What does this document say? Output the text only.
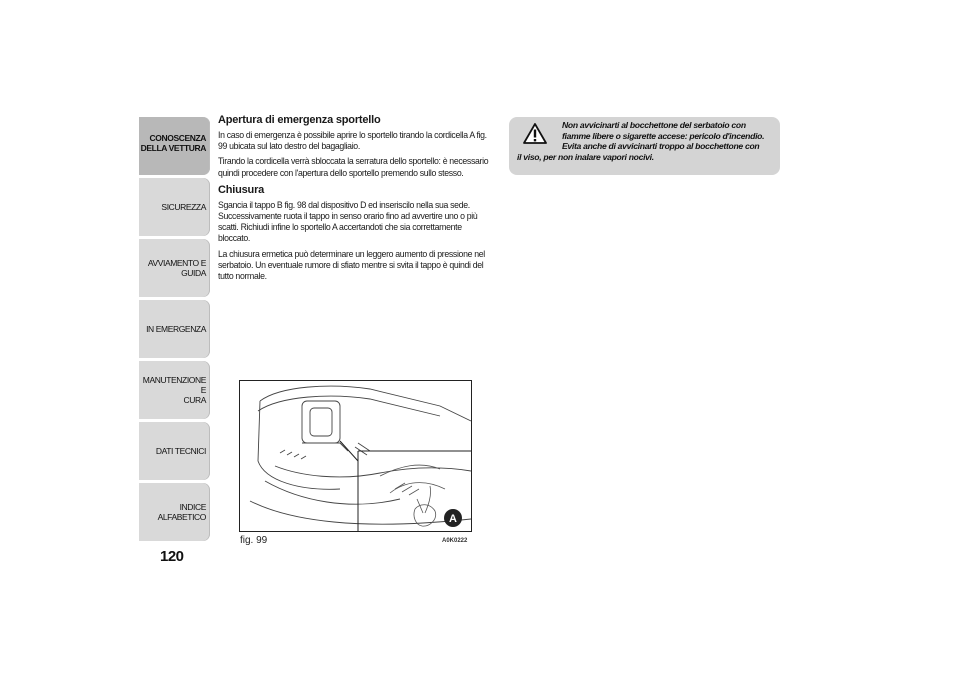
CONOSCENZA
DELLA VETTURA
SICUREZZA
AVVIAMENTO E
GUIDA
IN EMERGENZA
MANUTENZIONE E
CURA
DATI TECNICI
INDICE ALFABETICO
120
Apertura di emergenza sportello

In caso di emergenza è possibile aprire lo sportello tirando la cordicella A fig. 99 ubicata sul lato destro del bagagliaio.

Tirando la cordicella verrà sbloccata la serratura dello sportello: è necessario quindi procedere con l'apertura dello sportello premendo sullo stesso.

Chiusura

Sgancia il tappo B fig. 98 dal dispositivo D ed inseriscilo nella sua sede. Successivamente ruota il tappo in senso orario fino ad avvertire uno o più scatti. Richiudi infine lo sportello A accertandoti che sia correttamente bloccato.

La chiusura ermetica può determinare un leggero aumento di pressione nel serbatoio. Un eventuale rumore di sfiato mentre si svita il tappo è quindi del tutto normale.

Non avvicinarti al bocchettone del serbatoio con
fiamme libere o sigarette accese: pericolo d'incendio.
Evita anche di avvicinarti troppo al bocchettone con
il viso, per non inalare vapori nocivi.
A
fig. 99	A0K0222
